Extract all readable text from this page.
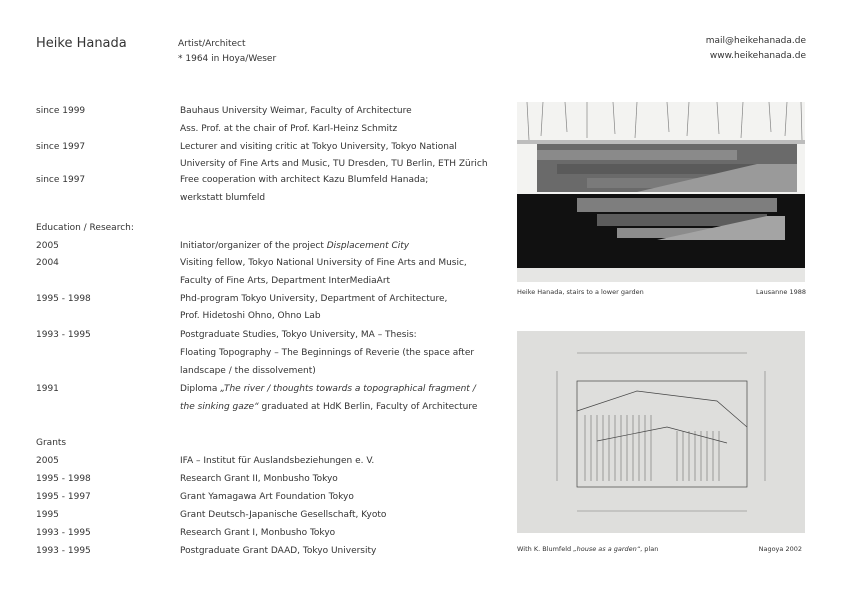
Heike Hanada	Artist/Architect
* 1964 in Hoya/Weser
mail@heikehanada.de
www.heikehanada.de
since 1999	Bauhaus University Weimar, Faculty of Architecture
Ass. Prof. at the chair of Prof. Karl-Heinz Schmitz
since 1997	Lecturer and visiting critic at Tokyo University, Tokyo National
University of Fine Arts and Music, TU Dresden, TU Berlin, ETH Zürich
since 1997	Free cooperation with architect Kazu Blumfeld Hanada;
werkstatt blumfeld
Education / Research:
2005	Initiator/organizer of the project Displacement City
2004	Visiting fellow, Tokyo National University of Fine Arts and Music,
Faculty of Fine Arts, Department InterMediaArt
1995 - 1998	Phd-program Tokyo University, Department of Architecture,
Prof. Hidetoshi Ohno, Ohno Lab
1993 - 1995	Postgraduate Studies, Tokyo University, MA – Thesis:
Floating Topography – The Beginnings of Reverie (the space after
landscape / the dissolvement)
1991	Diploma „The river / thoughts towards a topographical fragment /
the sinking gaze“ graduated at HdK Berlin, Faculty of Architecture
Grants
2005	IFA – Institut für Auslandsbeziehungen e. V.
1995 - 1998	Research Grant II, Monbusho Tokyo
1995 - 1997	Grant Yamagawa Art Foundation Tokyo
1995	Grant Deutsch-Japanische Gesellschaft, Kyoto
1993 - 1995	Research Grant I, Monbusho Tokyo
1993 - 1995	Postgraduate Grant DAAD, Tokyo University
Heike Hanada, stairs to a lower garden	Lausanne 1988
With K. Blumfeld „house as a garden“, plan	Nagoya 2002
